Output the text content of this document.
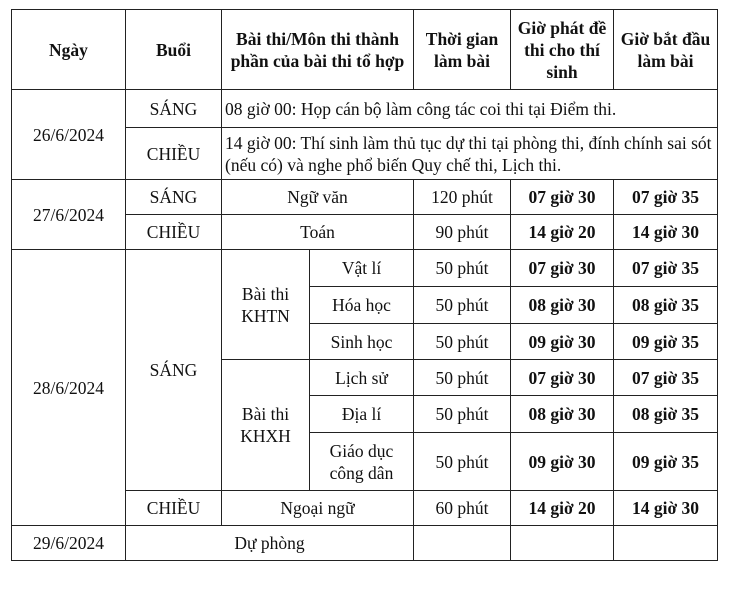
Ngày	Buổi	Bài thi/Môn thi thành phần của bài thi tổ hợp		Thời gian làm bài	Giờ phát đề thi cho thí sinh	Giờ bắt đầu làm bài
26/6/2024	SÁNG	08 giờ 00: Họp cán bộ làm công tác coi thi tại Điểm thi.				
	CHIỀU	14 giờ 00: Thí sinh làm thủ tục dự thi tại phòng thi, đính chính sai sót (nếu có) và nghe phổ biến Quy chế thi, Lịch thi.				
27/6/2024	SÁNG	Ngữ văn		120 phút	07 giờ 30	07 giờ 35
	CHIỀU	Toán		90 phút	14 giờ 20	14 giờ 30
28/6/2024	SÁNG	Bài thi KHTN	Vật lí	50 phút	07 giờ 30	07 giờ 35
			Hóa học	50 phút	08 giờ 30	08 giờ 35
			Sinh học	50 phút	09 giờ 30	09 giờ 35
		Bài thi KHXH	Lịch sử	50 phút	07 giờ 30	07 giờ 35
			Địa lí	50 phút	08 giờ 30	08 giờ 35
			Giáo dục công dân	50 phút	09 giờ 30	09 giờ 35
	CHIỀU	Ngoại ngữ		60 phút	14 giờ 20	14 giờ 30
29/6/2024	Dự phòng					
